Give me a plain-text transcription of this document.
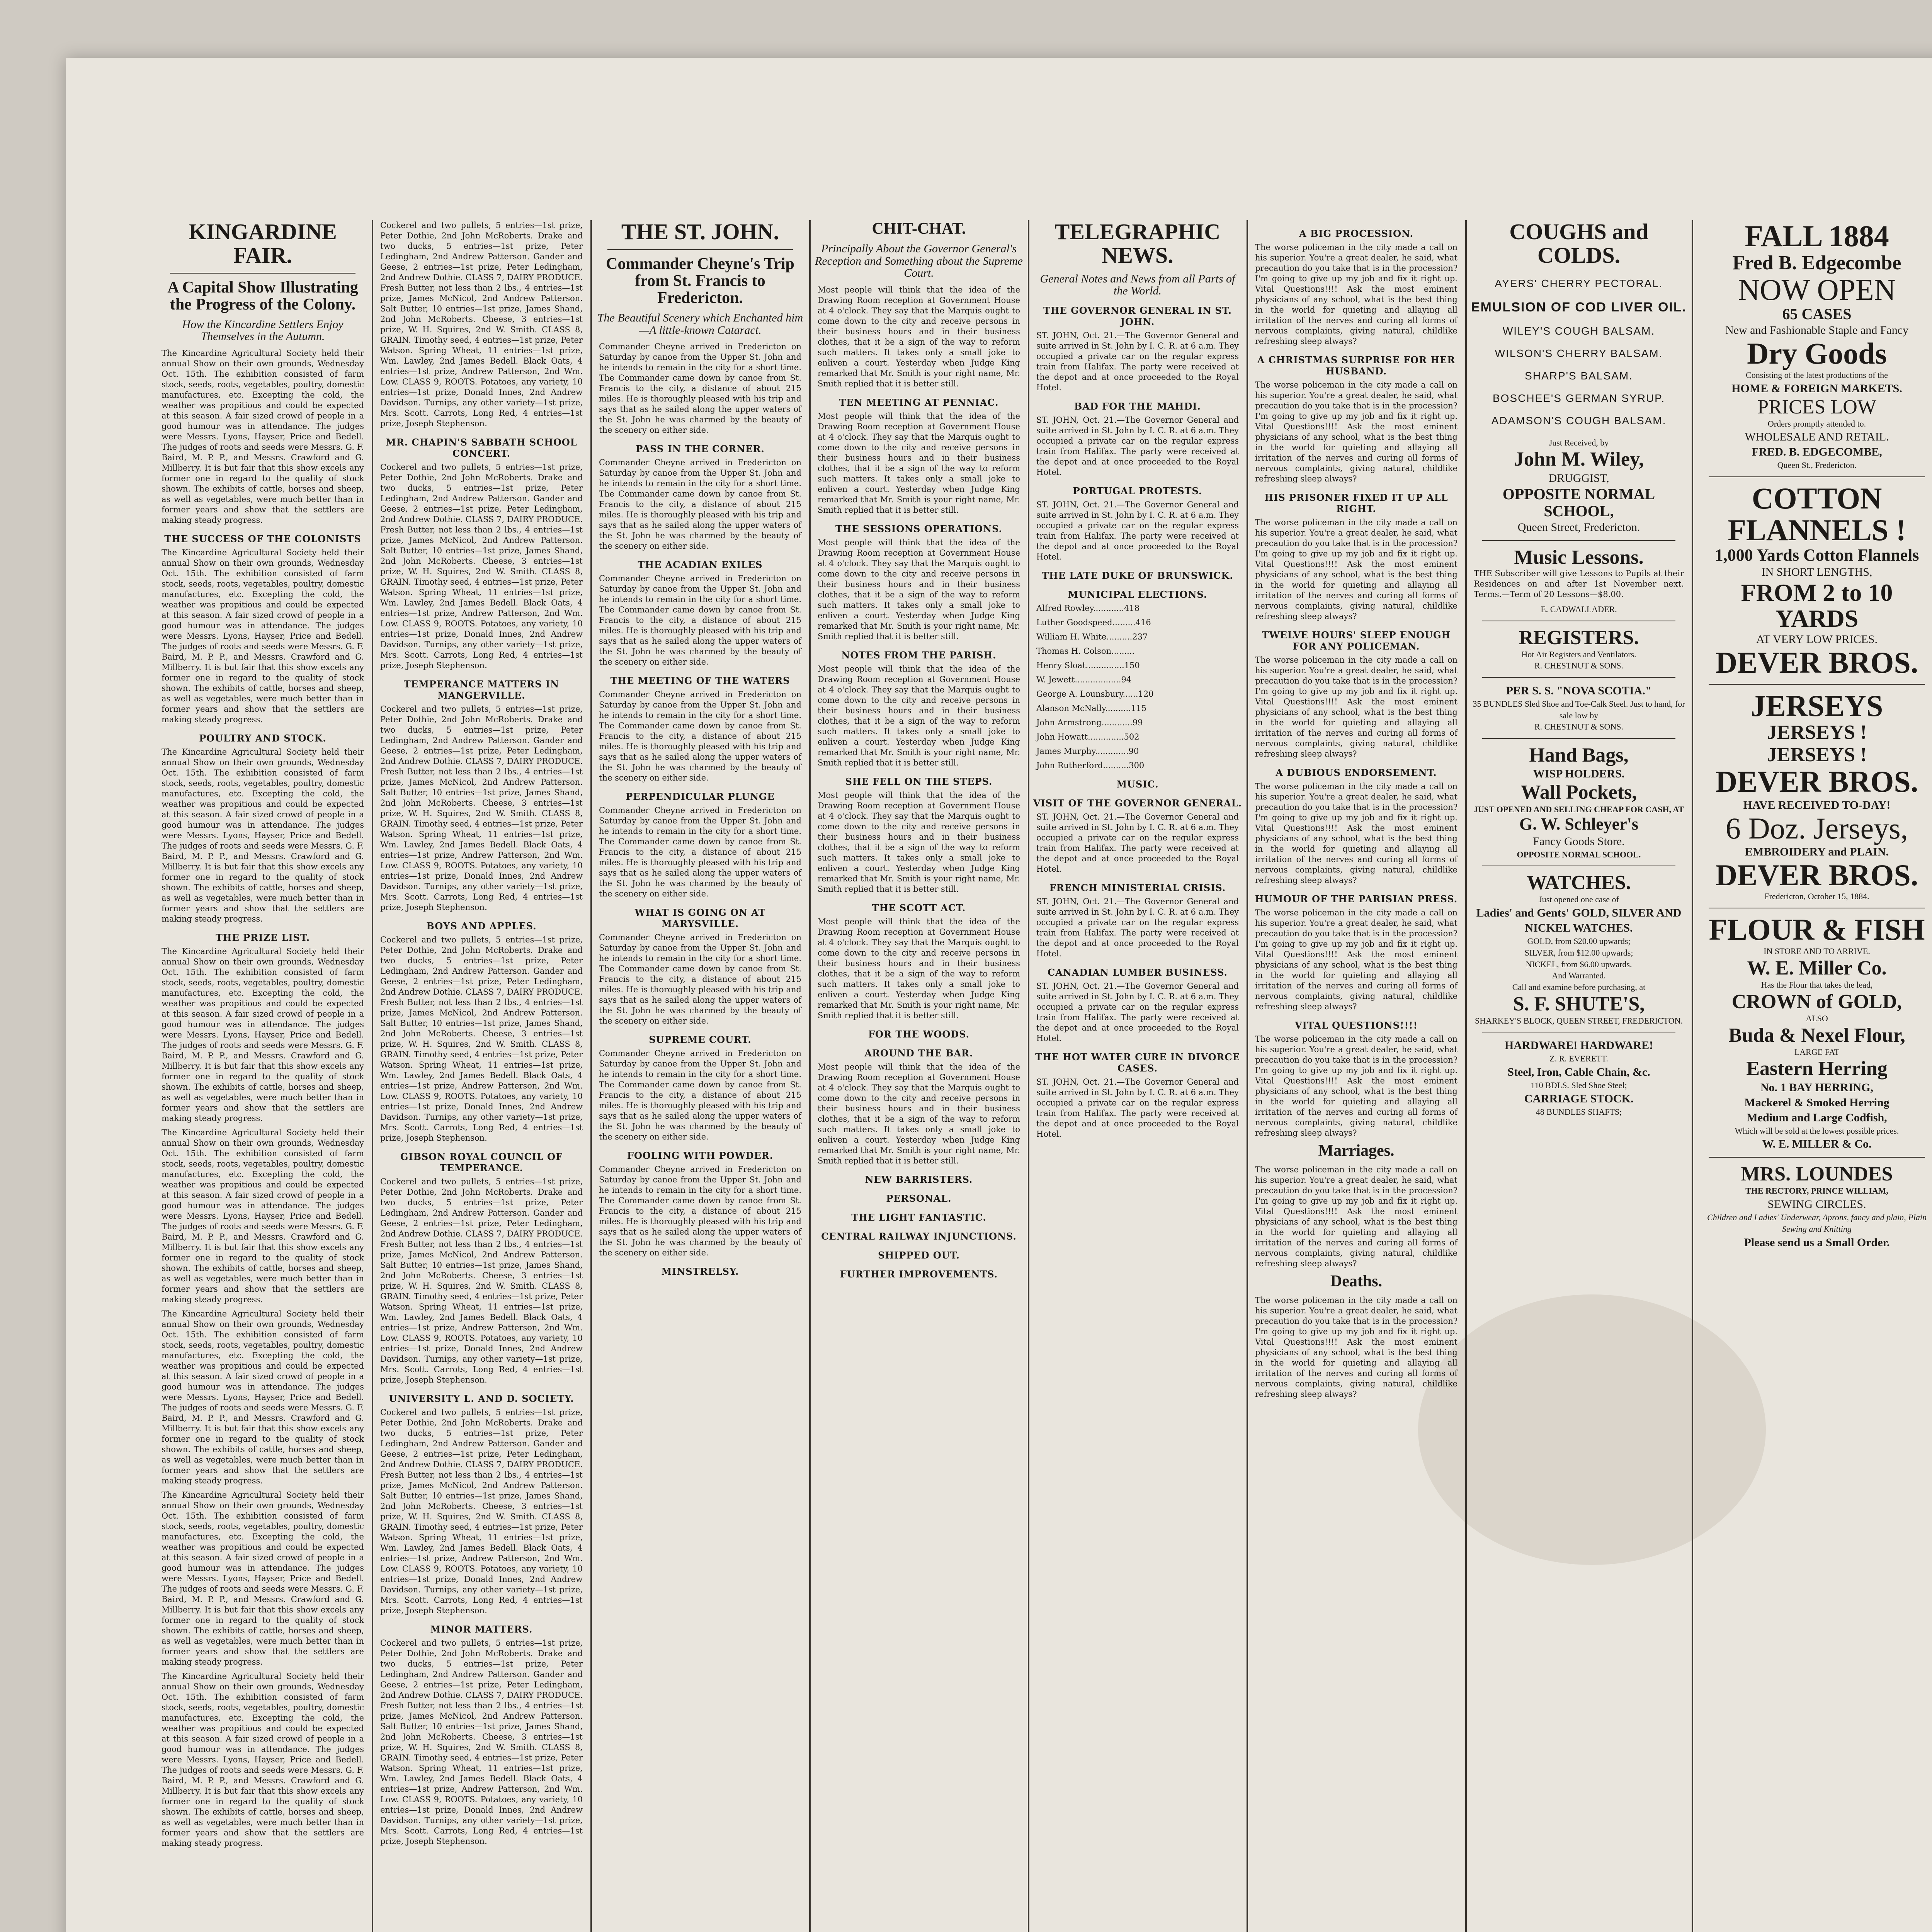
KINGARDINE FAIR.
A Capital Show Illustrating the Progress of the Colony.
How the Kincardine Settlers Enjoy Themselves in the Autumn.
The Kincardine Agricultural Society held their annual Show on their own grounds, Wednesday Oct. 15th. The exhibition consisted of farm stock, seeds, roots, vegetables, poultry, domestic manufactures, etc. Excepting the cold, the weather was propitious and could be expected at this season. A fair sized crowd of people in a good humour was in attendance. The judges were Messrs. Lyons, Hayser, Price and Bedell. The judges of roots and seeds were Messrs. G. F. Baird, M. P. P., and Messrs. Crawford and G. Millberry. It is but fair that this show excels any former one in regard to the quality of stock shown. The exhibits of cattle, horses and sheep, as well as vegetables, were much better than in former years and show that the settlers are making steady progress.
THE SUCCESS OF THE COLONISTS
The Kincardine Agricultural Society held their annual Show on their own grounds, Wednesday Oct. 15th. The exhibition consisted of farm stock, seeds, roots, vegetables, poultry, domestic manufactures, etc. Excepting the cold, the weather was propitious and could be expected at this season. A fair sized crowd of people in a good humour was in attendance. The judges were Messrs. Lyons, Hayser, Price and Bedell. The judges of roots and seeds were Messrs. G. F. Baird, M. P. P., and Messrs. Crawford and G. Millberry. It is but fair that this show excels any former one in regard to the quality of stock shown. The exhibits of cattle, horses and sheep, as well as vegetables, were much better than in former years and show that the settlers are making steady progress.
POULTRY AND STOCK.
The Kincardine Agricultural Society held their annual Show on their own grounds, Wednesday Oct. 15th. The exhibition consisted of farm stock, seeds, roots, vegetables, poultry, domestic manufactures, etc. Excepting the cold, the weather was propitious and could be expected at this season. A fair sized crowd of people in a good humour was in attendance. The judges were Messrs. Lyons, Hayser, Price and Bedell. The judges of roots and seeds were Messrs. G. F. Baird, M. P. P., and Messrs. Crawford and G. Millberry. It is but fair that this show excels any former one in regard to the quality of stock shown. The exhibits of cattle, horses and sheep, as well as vegetables, were much better than in former years and show that the settlers are making steady progress.
THE PRIZE LIST.
The Kincardine Agricultural Society held their annual Show on their own grounds, Wednesday Oct. 15th. The exhibition consisted of farm stock, seeds, roots, vegetables, poultry, domestic manufactures, etc. Excepting the cold, the weather was propitious and could be expected at this season. A fair sized crowd of people in a good humour was in attendance. The judges were Messrs. Lyons, Hayser, Price and Bedell. The judges of roots and seeds were Messrs. G. F. Baird, M. P. P., and Messrs. Crawford and G. Millberry. It is but fair that this show excels any former one in regard to the quality of stock shown. The exhibits of cattle, horses and sheep, as well as vegetables, were much better than in former years and show that the settlers are making steady progress.
The Kincardine Agricultural Society held their annual Show on their own grounds, Wednesday Oct. 15th. The exhibition consisted of farm stock, seeds, roots, vegetables, poultry, domestic manufactures, etc. Excepting the cold, the weather was propitious and could be expected at this season. A fair sized crowd of people in a good humour was in attendance. The judges were Messrs. Lyons, Hayser, Price and Bedell. The judges of roots and seeds were Messrs. G. F. Baird, M. P. P., and Messrs. Crawford and G. Millberry. It is but fair that this show excels any former one in regard to the quality of stock shown. The exhibits of cattle, horses and sheep, as well as vegetables, were much better than in former years and show that the settlers are making steady progress.
The Kincardine Agricultural Society held their annual Show on their own grounds, Wednesday Oct. 15th. The exhibition consisted of farm stock, seeds, roots, vegetables, poultry, domestic manufactures, etc. Excepting the cold, the weather was propitious and could be expected at this season. A fair sized crowd of people in a good humour was in attendance. The judges were Messrs. Lyons, Hayser, Price and Bedell. The judges of roots and seeds were Messrs. G. F. Baird, M. P. P., and Messrs. Crawford and G. Millberry. It is but fair that this show excels any former one in regard to the quality of stock shown. The exhibits of cattle, horses and sheep, as well as vegetables, were much better than in former years and show that the settlers are making steady progress.
The Kincardine Agricultural Society held their annual Show on their own grounds, Wednesday Oct. 15th. The exhibition consisted of farm stock, seeds, roots, vegetables, poultry, domestic manufactures, etc. Excepting the cold, the weather was propitious and could be expected at this season. A fair sized crowd of people in a good humour was in attendance. The judges were Messrs. Lyons, Hayser, Price and Bedell. The judges of roots and seeds were Messrs. G. F. Baird, M. P. P., and Messrs. Crawford and G. Millberry. It is but fair that this show excels any former one in regard to the quality of stock shown. The exhibits of cattle, horses and sheep, as well as vegetables, were much better than in former years and show that the settlers are making steady progress.
The Kincardine Agricultural Society held their annual Show on their own grounds, Wednesday Oct. 15th. The exhibition consisted of farm stock, seeds, roots, vegetables, poultry, domestic manufactures, etc. Excepting the cold, the weather was propitious and could be expected at this season. A fair sized crowd of people in a good humour was in attendance. The judges were Messrs. Lyons, Hayser, Price and Bedell. The judges of roots and seeds were Messrs. G. F. Baird, M. P. P., and Messrs. Crawford and G. Millberry. It is but fair that this show excels any former one in regard to the quality of stock shown. The exhibits of cattle, horses and sheep, as well as vegetables, were much better than in former years and show that the settlers are making steady progress.
Cockerel and two pullets, 5 entries—1st prize, Peter Dothie, 2nd John McRoberts. Drake and two ducks, 5 entries—1st prize, Peter Ledingham, 2nd Andrew Patterson. Gander and Geese, 2 entries—1st prize, Peter Ledingham, 2nd Andrew Dothie. CLASS 7, DAIRY PRODUCE. Fresh Butter, not less than 2 lbs., 4 entries—1st prize, James McNicol, 2nd Andrew Patterson. Salt Butter, 10 entries—1st prize, James Shand, 2nd John McRoberts. Cheese, 3 entries—1st prize, W. H. Squires, 2nd W. Smith. CLASS 8, GRAIN. Timothy seed, 4 entries—1st prize, Peter Watson. Spring Wheat, 11 entries—1st prize, Wm. Lawley, 2nd James Bedell. Black Oats, 4 entries—1st prize, Andrew Patterson, 2nd Wm. Low. CLASS 9, ROOTS. Potatoes, any variety, 10 entries—1st prize, Donald Innes, 2nd Andrew Davidson. Turnips, any other variety—1st prize, Mrs. Scott. Carrots, Long Red, 4 entries—1st prize, Joseph Stephenson.
MR. CHAPIN'S SABBATH SCHOOL CONCERT.
Cockerel and two pullets, 5 entries—1st prize, Peter Dothie, 2nd John McRoberts. Drake and two ducks, 5 entries—1st prize, Peter Ledingham, 2nd Andrew Patterson. Gander and Geese, 2 entries—1st prize, Peter Ledingham, 2nd Andrew Dothie. CLASS 7, DAIRY PRODUCE. Fresh Butter, not less than 2 lbs., 4 entries—1st prize, James McNicol, 2nd Andrew Patterson. Salt Butter, 10 entries—1st prize, James Shand, 2nd John McRoberts. Cheese, 3 entries—1st prize, W. H. Squires, 2nd W. Smith. CLASS 8, GRAIN. Timothy seed, 4 entries—1st prize, Peter Watson. Spring Wheat, 11 entries—1st prize, Wm. Lawley, 2nd James Bedell. Black Oats, 4 entries—1st prize, Andrew Patterson, 2nd Wm. Low. CLASS 9, ROOTS. Potatoes, any variety, 10 entries—1st prize, Donald Innes, 2nd Andrew Davidson. Turnips, any other variety—1st prize, Mrs. Scott. Carrots, Long Red, 4 entries—1st prize, Joseph Stephenson.
TEMPERANCE MATTERS IN MANGERVILLE.
Cockerel and two pullets, 5 entries—1st prize, Peter Dothie, 2nd John McRoberts. Drake and two ducks, 5 entries—1st prize, Peter Ledingham, 2nd Andrew Patterson. Gander and Geese, 2 entries—1st prize, Peter Ledingham, 2nd Andrew Dothie. CLASS 7, DAIRY PRODUCE. Fresh Butter, not less than 2 lbs., 4 entries—1st prize, James McNicol, 2nd Andrew Patterson. Salt Butter, 10 entries—1st prize, James Shand, 2nd John McRoberts. Cheese, 3 entries—1st prize, W. H. Squires, 2nd W. Smith. CLASS 8, GRAIN. Timothy seed, 4 entries—1st prize, Peter Watson. Spring Wheat, 11 entries—1st prize, Wm. Lawley, 2nd James Bedell. Black Oats, 4 entries—1st prize, Andrew Patterson, 2nd Wm. Low. CLASS 9, ROOTS. Potatoes, any variety, 10 entries—1st prize, Donald Innes, 2nd Andrew Davidson. Turnips, any other variety—1st prize, Mrs. Scott. Carrots, Long Red, 4 entries—1st prize, Joseph Stephenson.
BOYS AND APPLES.
Cockerel and two pullets, 5 entries—1st prize, Peter Dothie, 2nd John McRoberts. Drake and two ducks, 5 entries—1st prize, Peter Ledingham, 2nd Andrew Patterson. Gander and Geese, 2 entries—1st prize, Peter Ledingham, 2nd Andrew Dothie. CLASS 7, DAIRY PRODUCE. Fresh Butter, not less than 2 lbs., 4 entries—1st prize, James McNicol, 2nd Andrew Patterson. Salt Butter, 10 entries—1st prize, James Shand, 2nd John McRoberts. Cheese, 3 entries—1st prize, W. H. Squires, 2nd W. Smith. CLASS 8, GRAIN. Timothy seed, 4 entries—1st prize, Peter Watson. Spring Wheat, 11 entries—1st prize, Wm. Lawley, 2nd James Bedell. Black Oats, 4 entries—1st prize, Andrew Patterson, 2nd Wm. Low. CLASS 9, ROOTS. Potatoes, any variety, 10 entries—1st prize, Donald Innes, 2nd Andrew Davidson. Turnips, any other variety—1st prize, Mrs. Scott. Carrots, Long Red, 4 entries—1st prize, Joseph Stephenson.
GIBSON ROYAL COUNCIL OF TEMPERANCE.
Cockerel and two pullets, 5 entries—1st prize, Peter Dothie, 2nd John McRoberts. Drake and two ducks, 5 entries—1st prize, Peter Ledingham, 2nd Andrew Patterson. Gander and Geese, 2 entries—1st prize, Peter Ledingham, 2nd Andrew Dothie. CLASS 7, DAIRY PRODUCE. Fresh Butter, not less than 2 lbs., 4 entries—1st prize, James McNicol, 2nd Andrew Patterson. Salt Butter, 10 entries—1st prize, James Shand, 2nd John McRoberts. Cheese, 3 entries—1st prize, W. H. Squires, 2nd W. Smith. CLASS 8, GRAIN. Timothy seed, 4 entries—1st prize, Peter Watson. Spring Wheat, 11 entries—1st prize, Wm. Lawley, 2nd James Bedell. Black Oats, 4 entries—1st prize, Andrew Patterson, 2nd Wm. Low. CLASS 9, ROOTS. Potatoes, any variety, 10 entries—1st prize, Donald Innes, 2nd Andrew Davidson. Turnips, any other variety—1st prize, Mrs. Scott. Carrots, Long Red, 4 entries—1st prize, Joseph Stephenson.
UNIVERSITY L. AND D. SOCIETY.
Cockerel and two pullets, 5 entries—1st prize, Peter Dothie, 2nd John McRoberts. Drake and two ducks, 5 entries—1st prize, Peter Ledingham, 2nd Andrew Patterson. Gander and Geese, 2 entries—1st prize, Peter Ledingham, 2nd Andrew Dothie. CLASS 7, DAIRY PRODUCE. Fresh Butter, not less than 2 lbs., 4 entries—1st prize, James McNicol, 2nd Andrew Patterson. Salt Butter, 10 entries—1st prize, James Shand, 2nd John McRoberts. Cheese, 3 entries—1st prize, W. H. Squires, 2nd W. Smith. CLASS 8, GRAIN. Timothy seed, 4 entries—1st prize, Peter Watson. Spring Wheat, 11 entries—1st prize, Wm. Lawley, 2nd James Bedell. Black Oats, 4 entries—1st prize, Andrew Patterson, 2nd Wm. Low. CLASS 9, ROOTS. Potatoes, any variety, 10 entries—1st prize, Donald Innes, 2nd Andrew Davidson. Turnips, any other variety—1st prize, Mrs. Scott. Carrots, Long Red, 4 entries—1st prize, Joseph Stephenson.
MINOR MATTERS.
Cockerel and two pullets, 5 entries—1st prize, Peter Dothie, 2nd John McRoberts. Drake and two ducks, 5 entries—1st prize, Peter Ledingham, 2nd Andrew Patterson. Gander and Geese, 2 entries—1st prize, Peter Ledingham, 2nd Andrew Dothie. CLASS 7, DAIRY PRODUCE. Fresh Butter, not less than 2 lbs., 4 entries—1st prize, James McNicol, 2nd Andrew Patterson. Salt Butter, 10 entries—1st prize, James Shand, 2nd John McRoberts. Cheese, 3 entries—1st prize, W. H. Squires, 2nd W. Smith. CLASS 8, GRAIN. Timothy seed, 4 entries—1st prize, Peter Watson. Spring Wheat, 11 entries—1st prize, Wm. Lawley, 2nd James Bedell. Black Oats, 4 entries—1st prize, Andrew Patterson, 2nd Wm. Low. CLASS 9, ROOTS. Potatoes, any variety, 10 entries—1st prize, Donald Innes, 2nd Andrew Davidson. Turnips, any other variety—1st prize, Mrs. Scott. Carrots, Long Red, 4 entries—1st prize, Joseph Stephenson.
THE ST. JOHN.
Commander Cheyne's Trip from St. Francis to Fredericton.
The Beautiful Scenery which Enchanted him —A little-known Cataract.
Commander Cheyne arrived in Fredericton on Saturday by canoe from the Upper St. John and he intends to remain in the city for a short time. The Commander came down by canoe from St. Francis to the city, a distance of about 215 miles. He is thoroughly pleased with his trip and says that as he sailed along the upper waters of the St. John he was charmed by the beauty of the scenery on either side.
PASS IN THE CORNER.
Commander Cheyne arrived in Fredericton on Saturday by canoe from the Upper St. John and he intends to remain in the city for a short time. The Commander came down by canoe from St. Francis to the city, a distance of about 215 miles. He is thoroughly pleased with his trip and says that as he sailed along the upper waters of the St. John he was charmed by the beauty of the scenery on either side.
THE ACADIAN EXILES
Commander Cheyne arrived in Fredericton on Saturday by canoe from the Upper St. John and he intends to remain in the city for a short time. The Commander came down by canoe from St. Francis to the city, a distance of about 215 miles. He is thoroughly pleased with his trip and says that as he sailed along the upper waters of the St. John he was charmed by the beauty of the scenery on either side.
THE MEETING OF THE WATERS
Commander Cheyne arrived in Fredericton on Saturday by canoe from the Upper St. John and he intends to remain in the city for a short time. The Commander came down by canoe from St. Francis to the city, a distance of about 215 miles. He is thoroughly pleased with his trip and says that as he sailed along the upper waters of the St. John he was charmed by the beauty of the scenery on either side.
PERPENDICULAR PLUNGE
Commander Cheyne arrived in Fredericton on Saturday by canoe from the Upper St. John and he intends to remain in the city for a short time. The Commander came down by canoe from St. Francis to the city, a distance of about 215 miles. He is thoroughly pleased with his trip and says that as he sailed along the upper waters of the St. John he was charmed by the beauty of the scenery on either side.
WHAT IS GOING ON AT MARYSVILLE.
Commander Cheyne arrived in Fredericton on Saturday by canoe from the Upper St. John and he intends to remain in the city for a short time. The Commander came down by canoe from St. Francis to the city, a distance of about 215 miles. He is thoroughly pleased with his trip and says that as he sailed along the upper waters of the St. John he was charmed by the beauty of the scenery on either side.
SUPREME COURT.
Commander Cheyne arrived in Fredericton on Saturday by canoe from the Upper St. John and he intends to remain in the city for a short time. The Commander came down by canoe from St. Francis to the city, a distance of about 215 miles. He is thoroughly pleased with his trip and says that as he sailed along the upper waters of the St. John he was charmed by the beauty of the scenery on either side.
FOOLING WITH POWDER.
Commander Cheyne arrived in Fredericton on Saturday by canoe from the Upper St. John and he intends to remain in the city for a short time. The Commander came down by canoe from St. Francis to the city, a distance of about 215 miles. He is thoroughly pleased with his trip and says that as he sailed along the upper waters of the St. John he was charmed by the beauty of the scenery on either side.
MINSTRELSY.
CHIT-CHAT.
Principally About the Governor General's Reception and Something about the Supreme Court.
Most people will think that the idea of the Drawing Room reception at Government House at 4 o'clock. They say that the Marquis ought to come down to the city and receive persons in their business hours and in their business clothes, that it be a sign of the way to reform such matters. It takes only a small joke to enliven a court. Yesterday when Judge King remarked that Mr. Smith is your right name, Mr. Smith replied that it is better still.
TEN MEETING AT PENNIAC.
Most people will think that the idea of the Drawing Room reception at Government House at 4 o'clock. They say that the Marquis ought to come down to the city and receive persons in their business hours and in their business clothes, that it be a sign of the way to reform such matters. It takes only a small joke to enliven a court. Yesterday when Judge King remarked that Mr. Smith is your right name, Mr. Smith replied that it is better still.
THE SESSIONS OPERATIONS.
Most people will think that the idea of the Drawing Room reception at Government House at 4 o'clock. They say that the Marquis ought to come down to the city and receive persons in their business hours and in their business clothes, that it be a sign of the way to reform such matters. It takes only a small joke to enliven a court. Yesterday when Judge King remarked that Mr. Smith is your right name, Mr. Smith replied that it is better still.
NOTES FROM THE PARISH.
Most people will think that the idea of the Drawing Room reception at Government House at 4 o'clock. They say that the Marquis ought to come down to the city and receive persons in their business hours and in their business clothes, that it be a sign of the way to reform such matters. It takes only a small joke to enliven a court. Yesterday when Judge King remarked that Mr. Smith is your right name, Mr. Smith replied that it is better still.
SHE FELL ON THE STEPS.
Most people will think that the idea of the Drawing Room reception at Government House at 4 o'clock. They say that the Marquis ought to come down to the city and receive persons in their business hours and in their business clothes, that it be a sign of the way to reform such matters. It takes only a small joke to enliven a court. Yesterday when Judge King remarked that Mr. Smith is your right name, Mr. Smith replied that it is better still.
THE SCOTT ACT.
Most people will think that the idea of the Drawing Room reception at Government House at 4 o'clock. They say that the Marquis ought to come down to the city and receive persons in their business hours and in their business clothes, that it be a sign of the way to reform such matters. It takes only a small joke to enliven a court. Yesterday when Judge King remarked that Mr. Smith is your right name, Mr. Smith replied that it is better still.
FOR THE WOODS.
AROUND THE BAR.
Most people will think that the idea of the Drawing Room reception at Government House at 4 o'clock. They say that the Marquis ought to come down to the city and receive persons in their business hours and in their business clothes, that it be a sign of the way to reform such matters. It takes only a small joke to enliven a court. Yesterday when Judge King remarked that Mr. Smith is your right name, Mr. Smith replied that it is better still.
NEW BARRISTERS.
PERSONAL.
THE LIGHT FANTASTIC.
CENTRAL RAILWAY INJUNCTIONS.
SHIPPED OUT.
FURTHER IMPROVEMENTS.
TELEGRAPHIC NEWS.
General Notes and News from all Parts of the World.
THE GOVERNOR GENERAL IN ST. JOHN.
ST. JOHN, Oct. 21.—The Governor General and suite arrived in St. John by I. C. R. at 6 a.m. They occupied a private car on the regular express train from Halifax. The party were received at the depot and at once proceeded to the Royal Hotel.
BAD FOR THE MAHDI.
ST. JOHN, Oct. 21.—The Governor General and suite arrived in St. John by I. C. R. at 6 a.m. They occupied a private car on the regular express train from Halifax. The party were received at the depot and at once proceeded to the Royal Hotel.
PORTUGAL PROTESTS.
ST. JOHN, Oct. 21.—The Governor General and suite arrived in St. John by I. C. R. at 6 a.m. They occupied a private car on the regular express train from Halifax. The party were received at the depot and at once proceeded to the Royal Hotel.
THE LATE DUKE OF BRUNSWICK.
MUNICIPAL ELECTIONS.
Alfred Rowley............418
Luther Goodspeed.........416
William H. White..........237
Thomas H. Colson.........
Henry Sloat...............150
W. Jewett..................94
George A. Lounsbury......120
Alanson McNally..........115
John Armstrong............99
John Howatt..............502
James Murphy.............90
John Rutherford..........300
MUSIC.
VISIT OF THE GOVERNOR GENERAL.
ST. JOHN, Oct. 21.—The Governor General and suite arrived in St. John by I. C. R. at 6 a.m. They occupied a private car on the regular express train from Halifax. The party were received at the depot and at once proceeded to the Royal Hotel.
FRENCH MINISTERIAL CRISIS.
ST. JOHN, Oct. 21.—The Governor General and suite arrived in St. John by I. C. R. at 6 a.m. They occupied a private car on the regular express train from Halifax. The party were received at the depot and at once proceeded to the Royal Hotel.
CANADIAN LUMBER BUSINESS.
ST. JOHN, Oct. 21.—The Governor General and suite arrived in St. John by I. C. R. at 6 a.m. They occupied a private car on the regular express train from Halifax. The party were received at the depot and at once proceeded to the Royal Hotel.
THE HOT WATER CURE IN DIVORCE CASES.
ST. JOHN, Oct. 21.—The Governor General and suite arrived in St. John by I. C. R. at 6 a.m. They occupied a private car on the regular express train from Halifax. The party were received at the depot and at once proceeded to the Royal Hotel.
A BIG PROCESSION.
The worse policeman in the city made a call on his superior. You're a great dealer, he said, what precaution do you take that is in the procession? I'm going to give up my job and fix it right up. Vital Questions!!!! Ask the most eminent physicians of any school, what is the best thing in the world for quieting and allaying all irritation of the nerves and curing all forms of nervous complaints, giving natural, childlike refreshing sleep always?
A CHRISTMAS SURPRISE FOR HER HUSBAND.
The worse policeman in the city made a call on his superior. You're a great dealer, he said, what precaution do you take that is in the procession? I'm going to give up my job and fix it right up. Vital Questions!!!! Ask the most eminent physicians of any school, what is the best thing in the world for quieting and allaying all irritation of the nerves and curing all forms of nervous complaints, giving natural, childlike refreshing sleep always?
HIS PRISONER FIXED IT UP ALL RIGHT.
The worse policeman in the city made a call on his superior. You're a great dealer, he said, what precaution do you take that is in the procession? I'm going to give up my job and fix it right up. Vital Questions!!!! Ask the most eminent physicians of any school, what is the best thing in the world for quieting and allaying all irritation of the nerves and curing all forms of nervous complaints, giving natural, childlike refreshing sleep always?
TWELVE HOURS' SLEEP ENOUGH FOR ANY POLICEMAN.
The worse policeman in the city made a call on his superior. You're a great dealer, he said, what precaution do you take that is in the procession? I'm going to give up my job and fix it right up. Vital Questions!!!! Ask the most eminent physicians of any school, what is the best thing in the world for quieting and allaying all irritation of the nerves and curing all forms of nervous complaints, giving natural, childlike refreshing sleep always?
A DUBIOUS ENDORSEMENT.
The worse policeman in the city made a call on his superior. You're a great dealer, he said, what precaution do you take that is in the procession? I'm going to give up my job and fix it right up. Vital Questions!!!! Ask the most eminent physicians of any school, what is the best thing in the world for quieting and allaying all irritation of the nerves and curing all forms of nervous complaints, giving natural, childlike refreshing sleep always?
HUMOUR OF THE PARISIAN PRESS.
The worse policeman in the city made a call on his superior. You're a great dealer, he said, what precaution do you take that is in the procession? I'm going to give up my job and fix it right up. Vital Questions!!!! Ask the most eminent physicians of any school, what is the best thing in the world for quieting and allaying all irritation of the nerves and curing all forms of nervous complaints, giving natural, childlike refreshing sleep always?
VITAL QUESTIONS!!!!
The worse policeman in the city made a call on his superior. You're a great dealer, he said, what precaution do you take that is in the procession? I'm going to give up my job and fix it right up. Vital Questions!!!! Ask the most eminent physicians of any school, what is the best thing in the world for quieting and allaying all irritation of the nerves and curing all forms of nervous complaints, giving natural, childlike refreshing sleep always?
Marriages.
The worse policeman in the city made a call on his superior. You're a great dealer, he said, what precaution do you take that is in the procession? I'm going to give up my job and fix it right up. Vital Questions!!!! Ask the most eminent physicians of any school, what is the best thing in the world for quieting and allaying all irritation of the nerves and curing all forms of nervous complaints, giving natural, childlike refreshing sleep always?
Deaths.
The worse policeman in the city made a call on his superior. You're a great dealer, he said, what precaution do you take that is in the procession? I'm going to give up my job and fix it right up. Vital Questions!!!! Ask the most eminent physicians of any school, what is the best thing in the world for quieting and allaying all irritation of the nerves and curing all forms of nervous complaints, giving natural, childlike refreshing sleep always?
COUGHS and COLDS.
AYERS' CHERRY PECTORAL.
EMULSION OF COD LIVER OIL.
WILEY'S COUGH BALSAM.
WILSON'S CHERRY BALSAM.
SHARP'S BALSAM.
BOSCHEE'S GERMAN SYRUP.
ADAMSON'S COUGH BALSAM.
Just Received, by
John M. Wiley,
DRUGGIST,
OPPOSITE NORMAL SCHOOL,
Queen Street, Fredericton.
Music Lessons.
THE Subscriber will give Lessons to Pupils at their Residences on and after 1st November next. Terms.—Term of 20 Lessons—$8.00.
E. CADWALLADER.
REGISTERS.
Hot Air Registers and Ventilators.
R. CHESTNUT & SONS.
PER S. S. "NOVA SCOTIA."
35 BUNDLES Sled Shoe and Toe-Calk Steel. Just to hand, for sale low by
R. CHESTNUT & SONS.
Hand Bags,
WISP HOLDERS.
Wall Pockets,
JUST OPENED AND SELLING CHEAP FOR CASH, AT
G. W. Schleyer's
Fancy Goods Store.
OPPOSITE NORMAL SCHOOL.
WATCHES.
Just opened one case of
Ladies' and Gents' GOLD, SILVER AND NICKEL WATCHES.
GOLD, from $20.00 upwards;
SILVER, from $12.00 upwards;
NICKEL, from $6.00 upwards.
And Warranted.
Call and examine before purchasing, at
S. F. SHUTE'S,
SHARKEY'S BLOCK, QUEEN STREET, FREDERICTON.
HARDWARE! HARDWARE!
Z. R. EVERETT.
Steel, Iron, Cable Chain, &c.
110 BDLS. Sled Shoe Steel;
CARRIAGE STOCK.
48 BUNDLES SHAFTS;
FALL 1884
Fred B. Edgecombe
NOW OPEN
65 CASES
New and Fashionable Staple and Fancy
Dry Goods
Consisting of the latest productions of the
HOME & FOREIGN MARKETS.
PRICES LOW
Orders promptly attended to.
WHOLESALE AND RETAIL.
FRED. B. EDGECOMBE,
Queen St., Fredericton.
COTTON
FLANNELS !
1,000 Yards Cotton Flannels
IN SHORT LENGTHS,
FROM 2 to 10 YARDS
AT VERY LOW PRICES.
DEVER BROS.
JERSEYS
JERSEYS !
JERSEYS !
DEVER BROS.
HAVE RECEIVED TO-DAY!
6 Doz. Jerseys,
EMBROIDERY and PLAIN.
DEVER BROS.
Fredericton, October 15, 1884.
FLOUR & FISH
IN STORE AND TO ARRIVE.
W. E. Miller Co.
Has the Flour that takes the lead,
CROWN of GOLD,
ALSO
Buda & Nexel Flour,
LARGE FAT
Eastern Herring
No. 1 BAY HERRING,
Mackerel & Smoked Herring
Medium and Large Codfish,
Which will be sold at the lowest possible prices.
W. E. MILLER & Co.
MRS. LOUNDES
THE RECTORY, PRINCE WILLIAM,
SEWING CIRCLES.
Children and Ladies' Underwear, Aprons, fancy and plain, Plain Sewing and Knitting
Please send us a Small Order.
